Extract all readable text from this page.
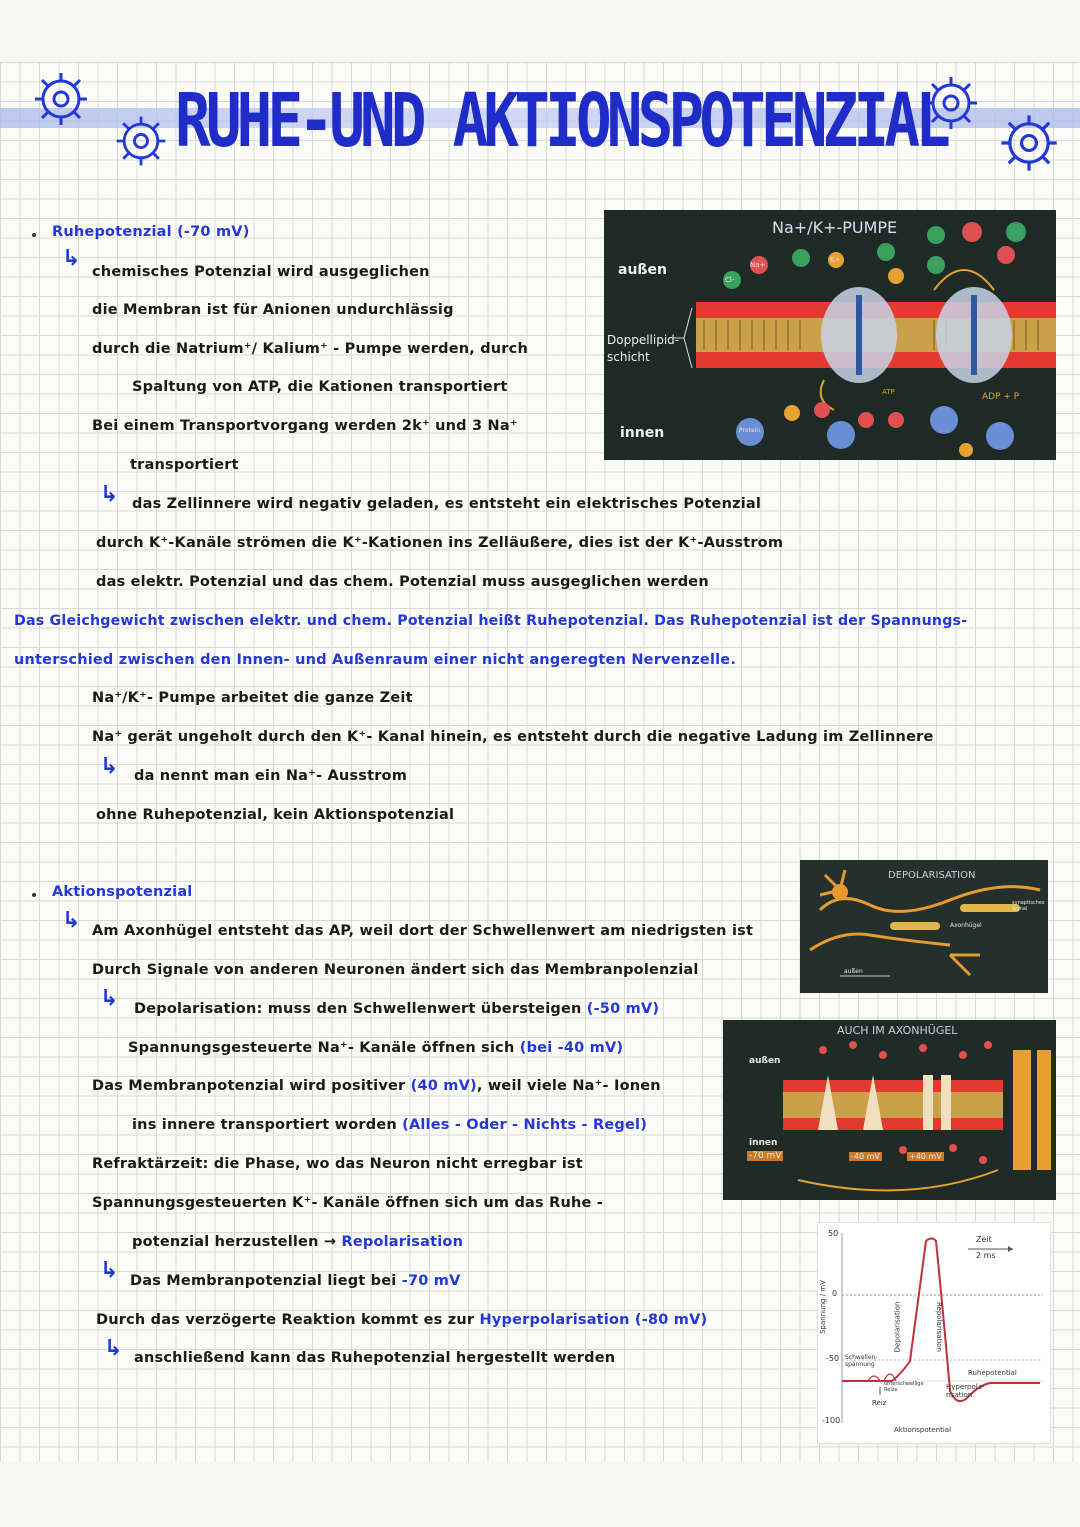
RUHE-UND AKTIONSPOTENZIAL
Ruhepotenzial (-70 mV)
↳
chemisches Potenzial wird ausgeglichen
die Membran ist für Anionen undurchlässig
durch die Natrium⁺/ Kalium⁺ - Pumpe werden, durch
Spaltung von ATP, die Kationen transportiert
Bei einem Transportvorgang werden 2k⁺ und 3 Na⁺
transportiert
↳ das Zellinnere wird negativ geladen, es entsteht ein elektrisches Potenzial
durch K⁺-Kanäle strömen die K⁺-Kationen ins Zelläußere, dies ist der K⁺-Ausstrom
das elektr. Potenzial und das chem. Potenzial muss ausgeglichen werden
Das Gleichgewicht zwischen elektr. und chem. Potenzial heißt Ruhepotenzial. Das Ruhepotenzial ist der Spannungs-
unterschied zwischen den Innen- und Außenraum einer nicht angeregten Nervenzelle.
Na⁺/K⁺- Pumpe arbeitet die ganze Zeit
Na⁺ gerät ungeholt durch den K⁺- Kanal hinein, es entsteht durch die negative Ladung im Zellinnere
↳ da nennt man ein Na⁺- Ausstrom
ohne Ruhepotenzial, kein Aktionspotenzial
Aktionspotenzial
↳ Am Axonhügel entsteht das AP, weil dort der Schwellenwert am niedrigsten ist
Durch Signale von anderen Neuronen ändert sich das Membranpolenzial
↳ Depolarisation: muss den Schwellenwert übersteigen (-50 mV)
Spannungsgesteuerte Na⁺- Kanäle öffnen sich (bei -40 mV)
Das Membranpotenzial wird positiver (40 mV), weil viele Na⁺- Ionen
ins innere transportiert worden (Alles - Oder - Nichts - Regel)
Refraktärzeit: die Phase, wo das Neuron nicht erregbar ist
Spannungsgesteuerten K⁺- Kanäle öffnen sich um das Ruhe -
potenzial herzustellen → Repolarisation
↳ Das Membranpotenzial liegt bei -70 mV
Durch das verzögerte Reaktion kommt es zur Hyperpolarisation (-80 mV)
↳ anschließend kann das Ruhepotenzial hergestellt werden
Na+/K+-PUMPE
außen
Doppellipid-
schicht
innen
ADP + P
ATP
Protein
Na+
K+
Cl-
DEPOLARISATION
Axonhügel
synaptisches
Signal
außen
AUCH IM AXONHÜGEL
außen
innen
-70 mV	-40 mV	+40 mV
50
0
-50
-100
Spannung / mV
Zeit
2 ms
Depolarisation	Repolarisation
Schwellen-
spannung
unterschwellige
Reize
Reiz
Ruhepotential
Hyperpola-
risation
Aktionspotential
